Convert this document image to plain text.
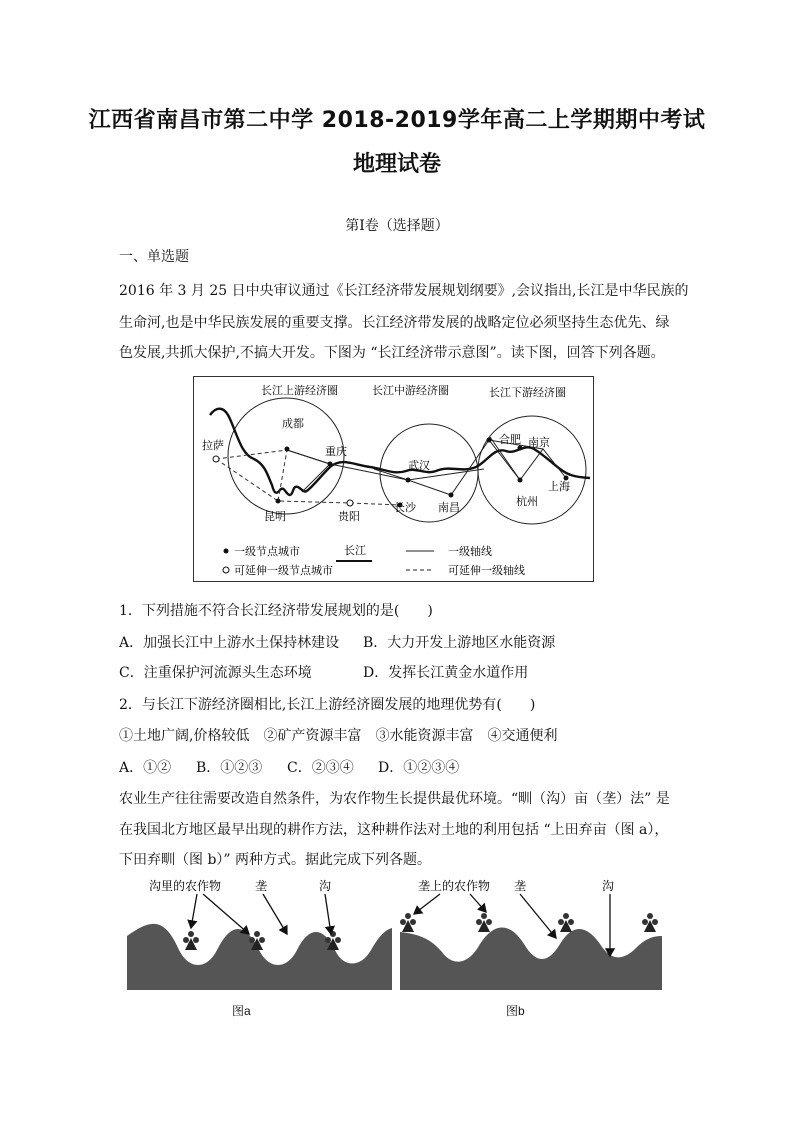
江西省南昌市第二中学 2018-2019学年高二上学期期中考试
地理试卷
第Ⅰ卷（选择题）
一、单选题
2016 年 3 月 25 日中央审议通过《长江经济带发展规划纲要》,会议指出,长江是中华民族的
生命河,也是中华民族发展的重要支撑。长江经济带发展的战略定位必须坚持生态优先、绿
色发展,共抓大保护,不搞大开发。下图为 “长江经济带示意图”。读下图，回答下列各题。
长江上游经济圈	长江中游经济圈	长江下游经济圈
拉萨
成都
重庆
昆明	贵阳
武汉
长沙 南昌
合肥 南京
上海
杭州
一级节点城市
可延伸一级节点城市
长江	一级轴线
可延伸一级轴线
1．下列措施不符合长江经济带发展规划的是(　　)
A．加强长江中上游水土保持林建设 B．大力开发上游地区水能资源
C．注重保护河流源头生态环境	D．发挥长江黄金水道作用
2．与长江下游经济圈相比,长江上游经济圈发展的地理优势有(　　)
①土地广阔,价格较低　②矿产资源丰富　③水能资源丰富　④交通便利
A．①② B．①②③ C．②③④ D．①②③④
农业生产往往需要改造自然条件，为农作物生长提供最优环境。“甽（沟）亩（垄）法” 是
在我国北方地区最早出现的耕作方法，这种耕作法对土地的利用包括 “上田弃亩（图 a），
下田弃甽（图 b）” 两种方式。据此完成下列各题。
沟里的农作物	垄	沟
图a
垄上的农作物 垄	沟
图b
